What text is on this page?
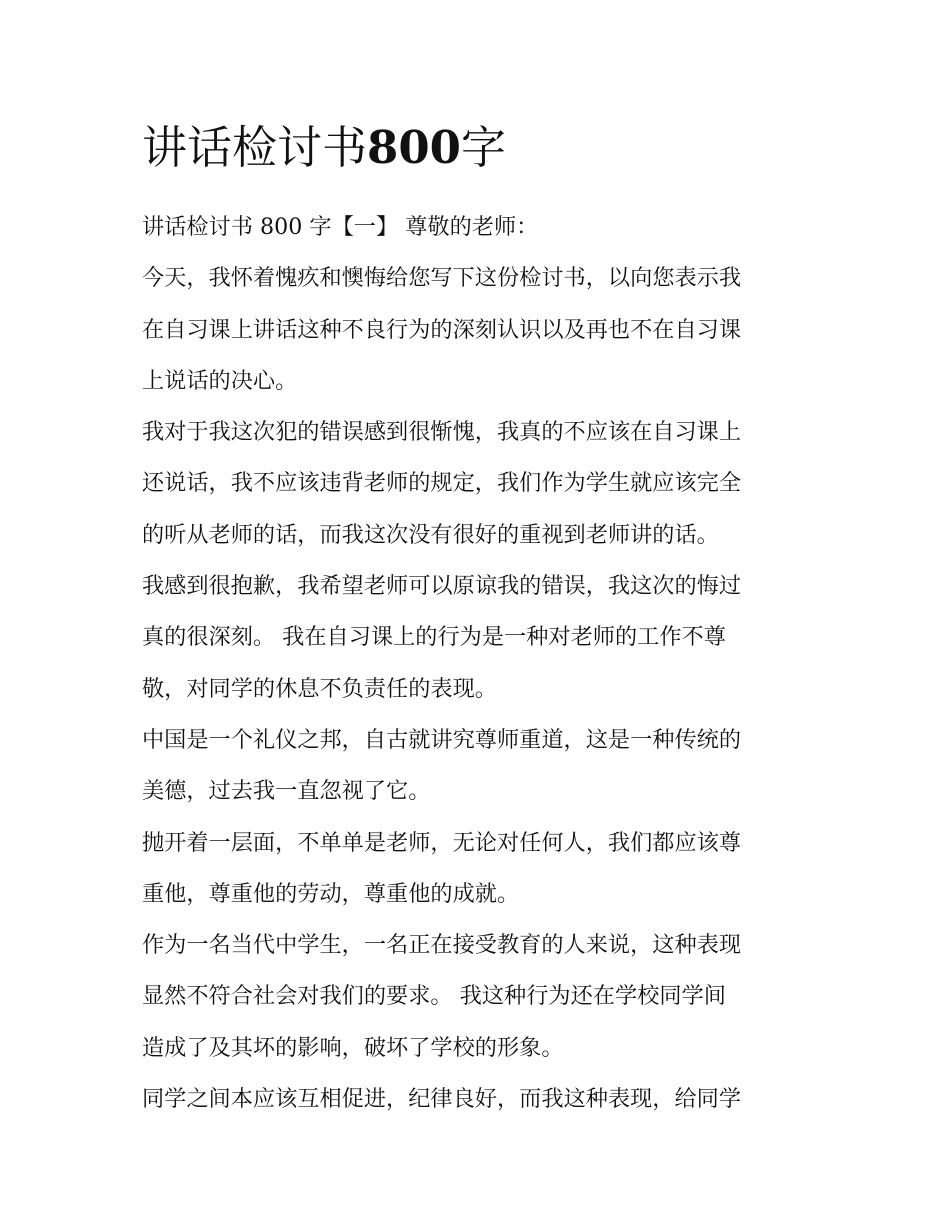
讲话检讨书800字

讲话检讨书 800 字【一】 尊敬的老师：

今天，我怀着愧疚和懊悔给您写下这份检讨书，以向您表示我
在自习课上讲话这种不良行为的深刻认识以及再也不在自习课
上说话的决心。

我对于我这次犯的错误感到很惭愧，我真的不应该在自习课上
还说话，我不应该违背老师的规定，我们作为学生就应该完全
的听从老师的话，而我这次没有很好的重视到老师讲的话。

我感到很抱歉，我希望老师可以原谅我的错误，我这次的悔过
真的很深刻。 我在自习课上的行为是一种对老师的工作不尊
敬，对同学的休息不负责任的表现。

中国是一个礼仪之邦，自古就讲究尊师重道，这是一种传统的
美德，过去我一直忽视了它。

抛开着一层面，不单单是老师，无论对任何人，我们都应该尊
重他，尊重他的劳动，尊重他的成就。

作为一名当代中学生，一名正在接受教育的人来说，这种表现
显然不符合社会对我们的要求。 我这种行为还在学校同学间
造成了及其坏的影响，破坏了学校的形象。

同学之间本应该互相促进，纪律良好，而我这种表现，给同学
